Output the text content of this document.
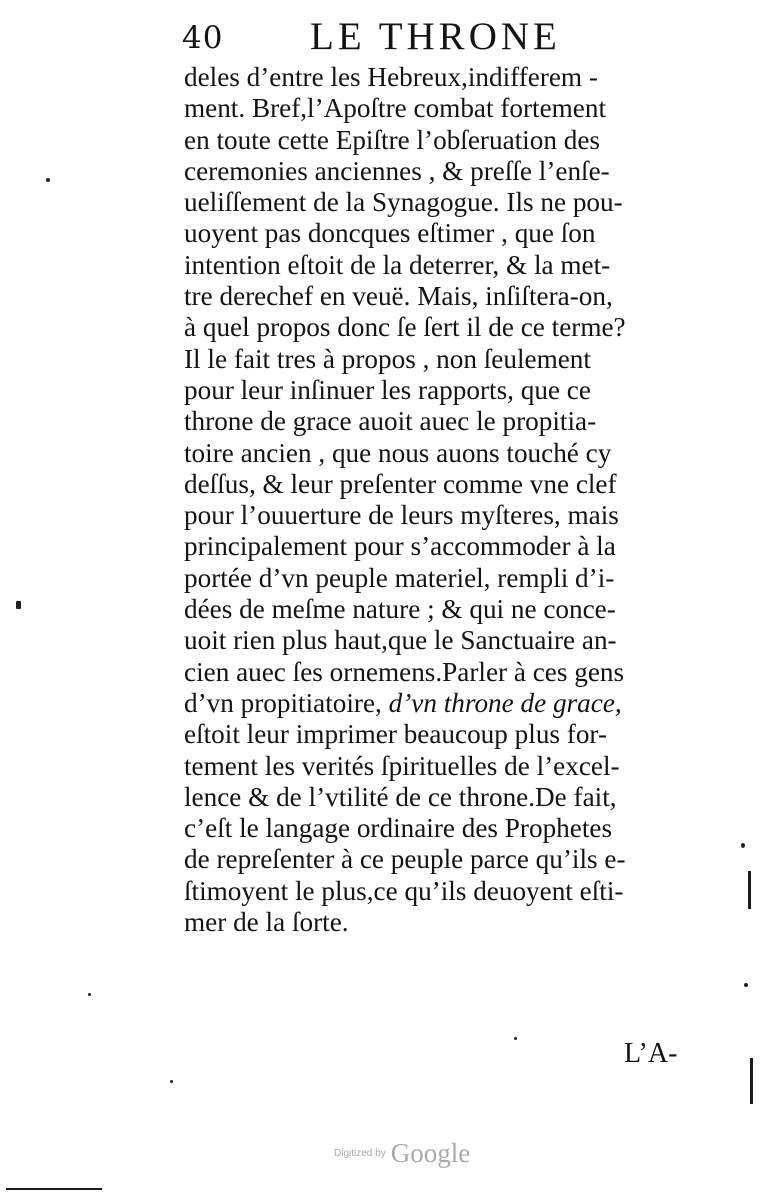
40 LE THRONE
deles d’entre les Hebreux,indifferem -
ment. Bref,l’Apoſtre combat fortement
en toute cette Epiſtre l’obſeruation des
ceremonies anciennes , & preſſe l’enſe-
ueliſſement de la Synagogue. Ils ne pou-
uoyent pas doncques eſtimer , que ſon
intention eſtoit de la deterrer, & la met-
tre derechef en veuë. Mais, inſiſtera-on,
à quel propos donc ſe ſert il de ce terme?
Il le fait tres à propos , non ſeulement
pour leur inſinuer les rapports, que ce
throne de grace auoit auec le propitia-
toire ancien , que nous auons touché cy
deſſus, & leur preſenter comme vne clef
pour l’ouuerture de leurs myſteres, mais
principalement pour s’accommoder à la
portée d’vn peuple materiel, rempli d’i-
dées de meſme nature ; & qui ne conce-
uoit rien plus haut,que le Sanctuaire an-
cien auec ſes ornemens.Parler à ces gens
d’vn propitiatoire, d’vn throne de grace,
eſtoit leur imprimer beaucoup plus for-
tement les verités ſpirituelles de l’excel-
lence & de l’vtilité de ce throne.De fait,
c’eſt le langage ordinaire des Prophetes
de repreſenter à ce peuple parce qu’ils e-
ſtimoyent le plus,ce qu’ils deuoyent eſti-
mer de la ſorte.
L’A-
Digitized by Google
